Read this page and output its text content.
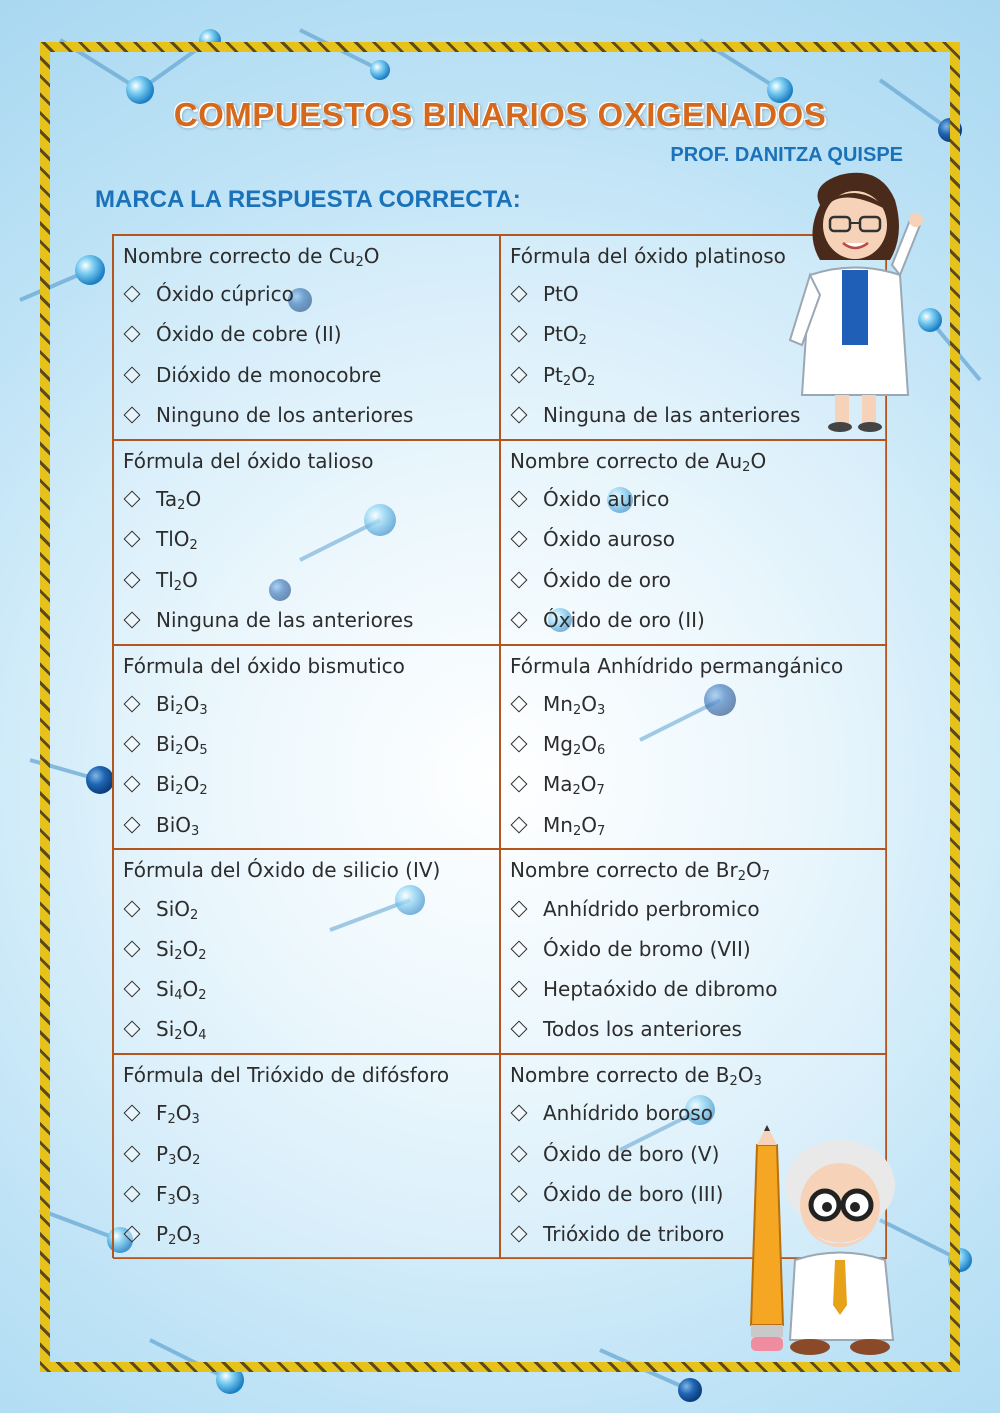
COMPUESTOS BINARIOS OXIGENADOS
PROF. DANITZA QUISPE
MARCA LA RESPUESTA CORRECTA:
Nombre correcto de $Cu_2O$
Óxido cúprico
Óxido de cobre (II)
Dióxido de monocobre
Ninguno de los anteriores
Fórmula del óxido platinoso
PtO
PtO$_2$
$Pt_2O_2$
Ninguna de las anteriores
Fórmula del óxido talioso
$Ta_2O$
TlO$_2$
$Tl_2O$
Ninguna de las anteriores
Nombre correcto de $Au_2O$
Óxido aurico
Óxido auroso
Óxido de oro
Óxido de oro (II)
Fórmula del óxido bismutico
$Bi_2O_3$
$Bi_2O_5$
$Bi_2O_2$
BiO$_3$
Fórmula Anhídrido permangánico
$Mn_2O_3$
$Mg_2O_6$
$Ma_2O_7$
$Mn_2O_7$
Fórmula del Óxido de silicio (IV)
SiO$_2$
$Si_2O_2$
$Si_4O_2$
$Si_2O_4$
Nombre correcto de $Br_2O_7$
Anhídrido perbromico
Óxido de bromo (VII)
Heptaóxido de dibromo
Todos los anteriores
Fórmula del Trióxido de difósforo
$F_2O_3$
$P_3O_2$
$F_3O_3$
$P_2O_3$
Nombre correcto de $B_2O_3$
Anhídrido boroso
Óxido de boro (V)
Óxido de boro (III)
Trióxido de triboro
